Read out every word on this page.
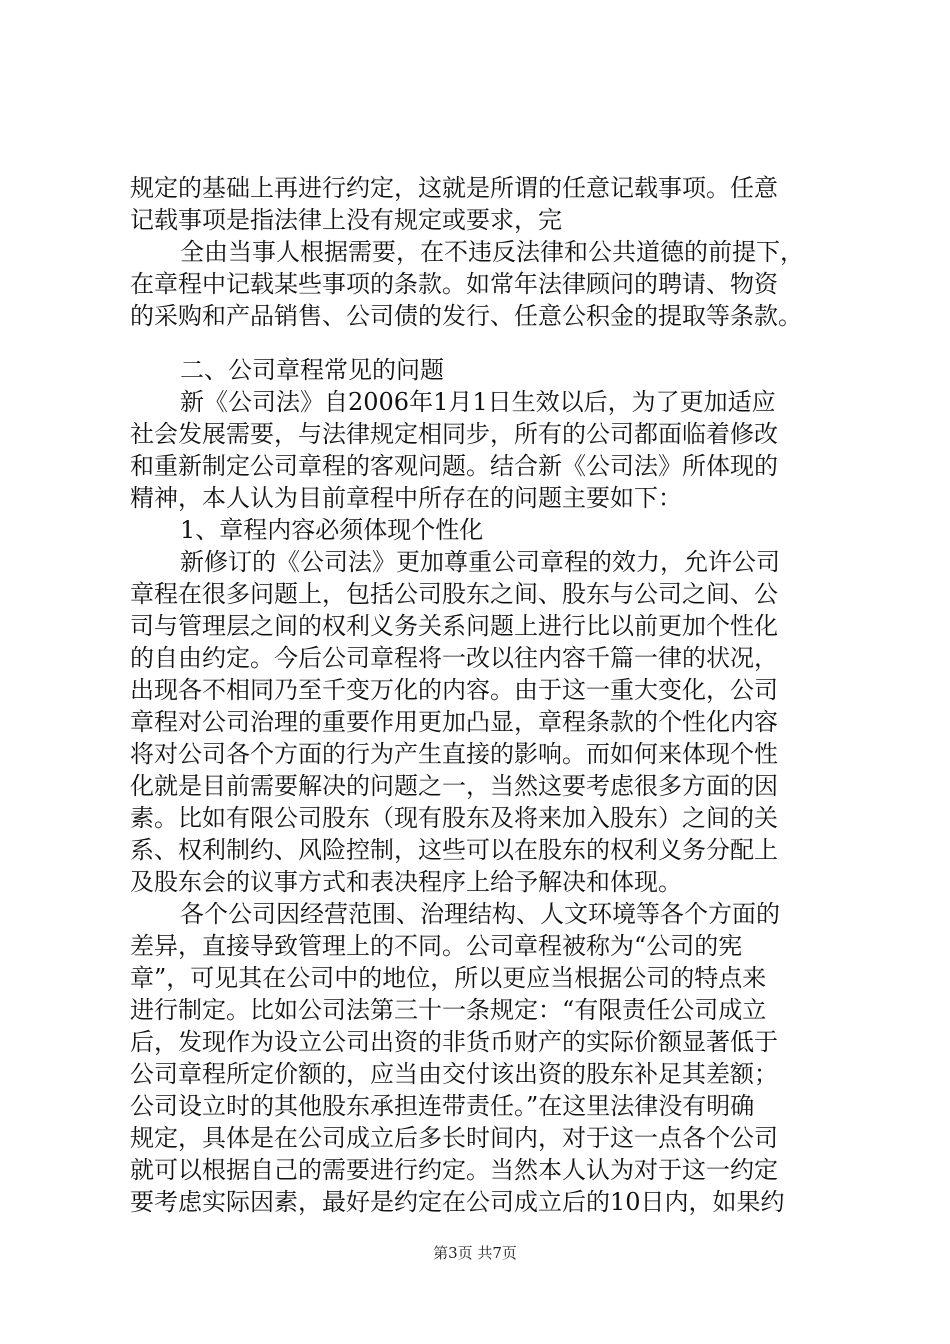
规定的基础上再进行约定，这就是所谓的任意记载事项。任意
记载事项是指法律上没有规定或要求，完
全由当事人根据需要，在不违反法律和公共道德的前提下，
在章程中记载某些事项的条款。如常年法律顾问的聘请、物资
的采购和产品销售、公司债的发行、任意公积金的提取等条款。
二、公司章程常见的问题
新《公司法》自2006年1月1日生效以后，为了更加适应
社会发展需要，与法律规定相同步，所有的公司都面临着修改
和重新制定公司章程的客观问题。结合新《公司法》所体现的
精神，本人认为目前章程中所存在的问题主要如下：
1、章程内容必须体现个性化
新修订的《公司法》更加尊重公司章程的效力，允许公司
章程在很多问题上，包括公司股东之间、股东与公司之间、公
司与管理层之间的权利义务关系问题上进行比以前更加个性化
的自由约定。今后公司章程将一改以往内容千篇一律的状况，
出现各不相同乃至千变万化的内容。由于这一重大变化，公司
章程对公司治理的重要作用更加凸显，章程条款的个性化内容
将对公司各个方面的行为产生直接的影响。而如何来体现个性
化就是目前需要解决的问题之一，当然这要考虑很多方面的因
素。比如有限公司股东（现有股东及将来加入股东）之间的关
系、权利制约、风险控制，这些可以在股东的权利义务分配上
及股东会的议事方式和表决程序上给予解决和体现。
各个公司因经营范围、治理结构、人文环境等各个方面的
差异，直接导致管理上的不同。公司章程被称为“公司的宪
章”，可见其在公司中的地位，所以更应当根据公司的特点来
进行制定。比如公司法第三十一条规定：“有限责任公司成立
后，发现作为设立公司出资的非货币财产的实际价额显著低于
公司章程所定价额的，应当由交付该出资的股东补足其差额；
公司设立时的其他股东承担连带责任。”在这里法律没有明确
规定，具体是在公司成立后多长时间内，对于这一点各个公司
就可以根据自己的需要进行约定。当然本人认为对于这一约定
要考虑实际因素，最好是约定在公司成立后的10日内，如果约
第3页 共7页
